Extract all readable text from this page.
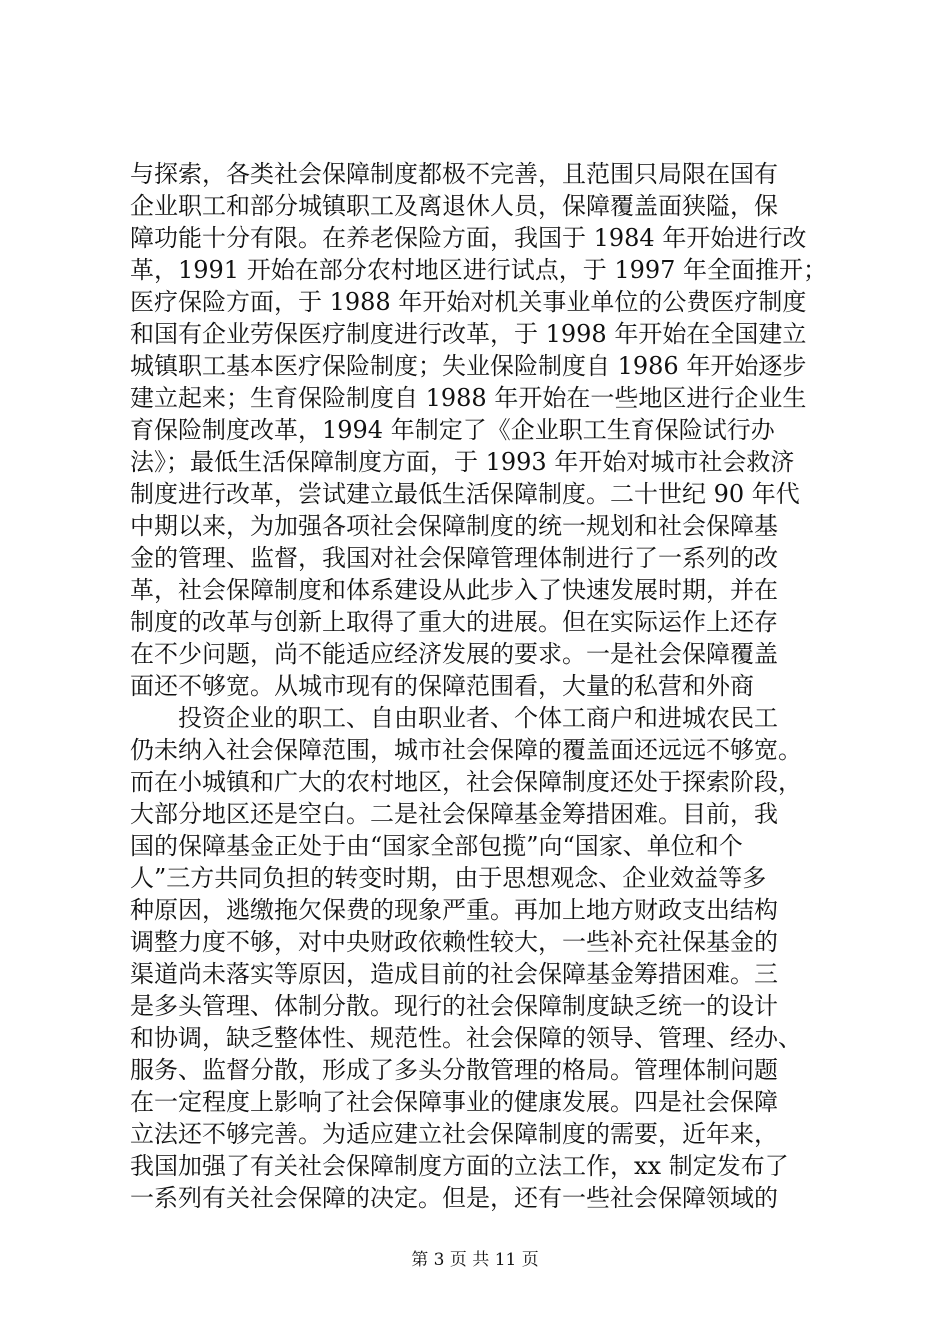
与探索，各类社会保障制度都极不完善，且范围只局限在国有
企业职工和部分城镇职工及离退休人员，保障覆盖面狭隘，保
障功能十分有限。在养老保险方面，我国于 1984 年开始进行改
革，1991 开始在部分农村地区进行试点，于 1997 年全面推开；
医疗保险方面，于 1988 年开始对机关事业单位的公费医疗制度
和国有企业劳保医疗制度进行改革，于 1998 年开始在全国建立
城镇职工基本医疗保险制度；失业保险制度自 1986 年开始逐步
建立起来；生育保险制度自 1988 年开始在一些地区进行企业生
育保险制度改革，1994 年制定了《企业职工生育保险试行办
法》；最低生活保障制度方面，于 1993 年开始对城市社会救济
制度进行改革，尝试建立最低生活保障制度。二十世纪 90 年代
中期以来，为加强各项社会保障制度的统一规划和社会保障基
金的管理、监督，我国对社会保障管理体制进行了一系列的改
革，社会保障制度和体系建设从此步入了快速发展时期，并在
制度的改革与创新上取得了重大的进展。但在实际运作上还存
在不少问题，尚不能适应经济发展的要求。一是社会保障覆盖
面还不够宽。从城市现有的保障范围看，大量的私营和外商
　　投资企业的职工、自由职业者、个体工商户和进城农民工
仍未纳入社会保障范围，城市社会保障的覆盖面还远远不够宽。
而在小城镇和广大的农村地区，社会保障制度还处于探索阶段，
大部分地区还是空白。二是社会保障基金筹措困难。目前，我
国的保障基金正处于由“国家全部包揽”向“国家、单位和个
人”三方共同负担的转变时期，由于思想观念、企业效益等多
种原因，逃缴拖欠保费的现象严重。再加上地方财政支出结构
调整力度不够，对中央财政依赖性较大，一些补充社保基金的
渠道尚未落实等原因，造成目前的社会保障基金筹措困难。三
是多头管理、体制分散。现行的社会保障制度缺乏统一的设计
和协调，缺乏整体性、规范性。社会保障的领导、管理、经办、
服务、监督分散，形成了多头分散管理的格局。管理体制问题
在一定程度上影响了社会保障事业的健康发展。四是社会保障
立法还不够完善。为适应建立社会保障制度的需要，近年来，
我国加强了有关社会保障制度方面的立法工作，xx 制定发布了
一系列有关社会保障的决定。但是，还有一些社会保障领域的
第 3 页 共 11 页
